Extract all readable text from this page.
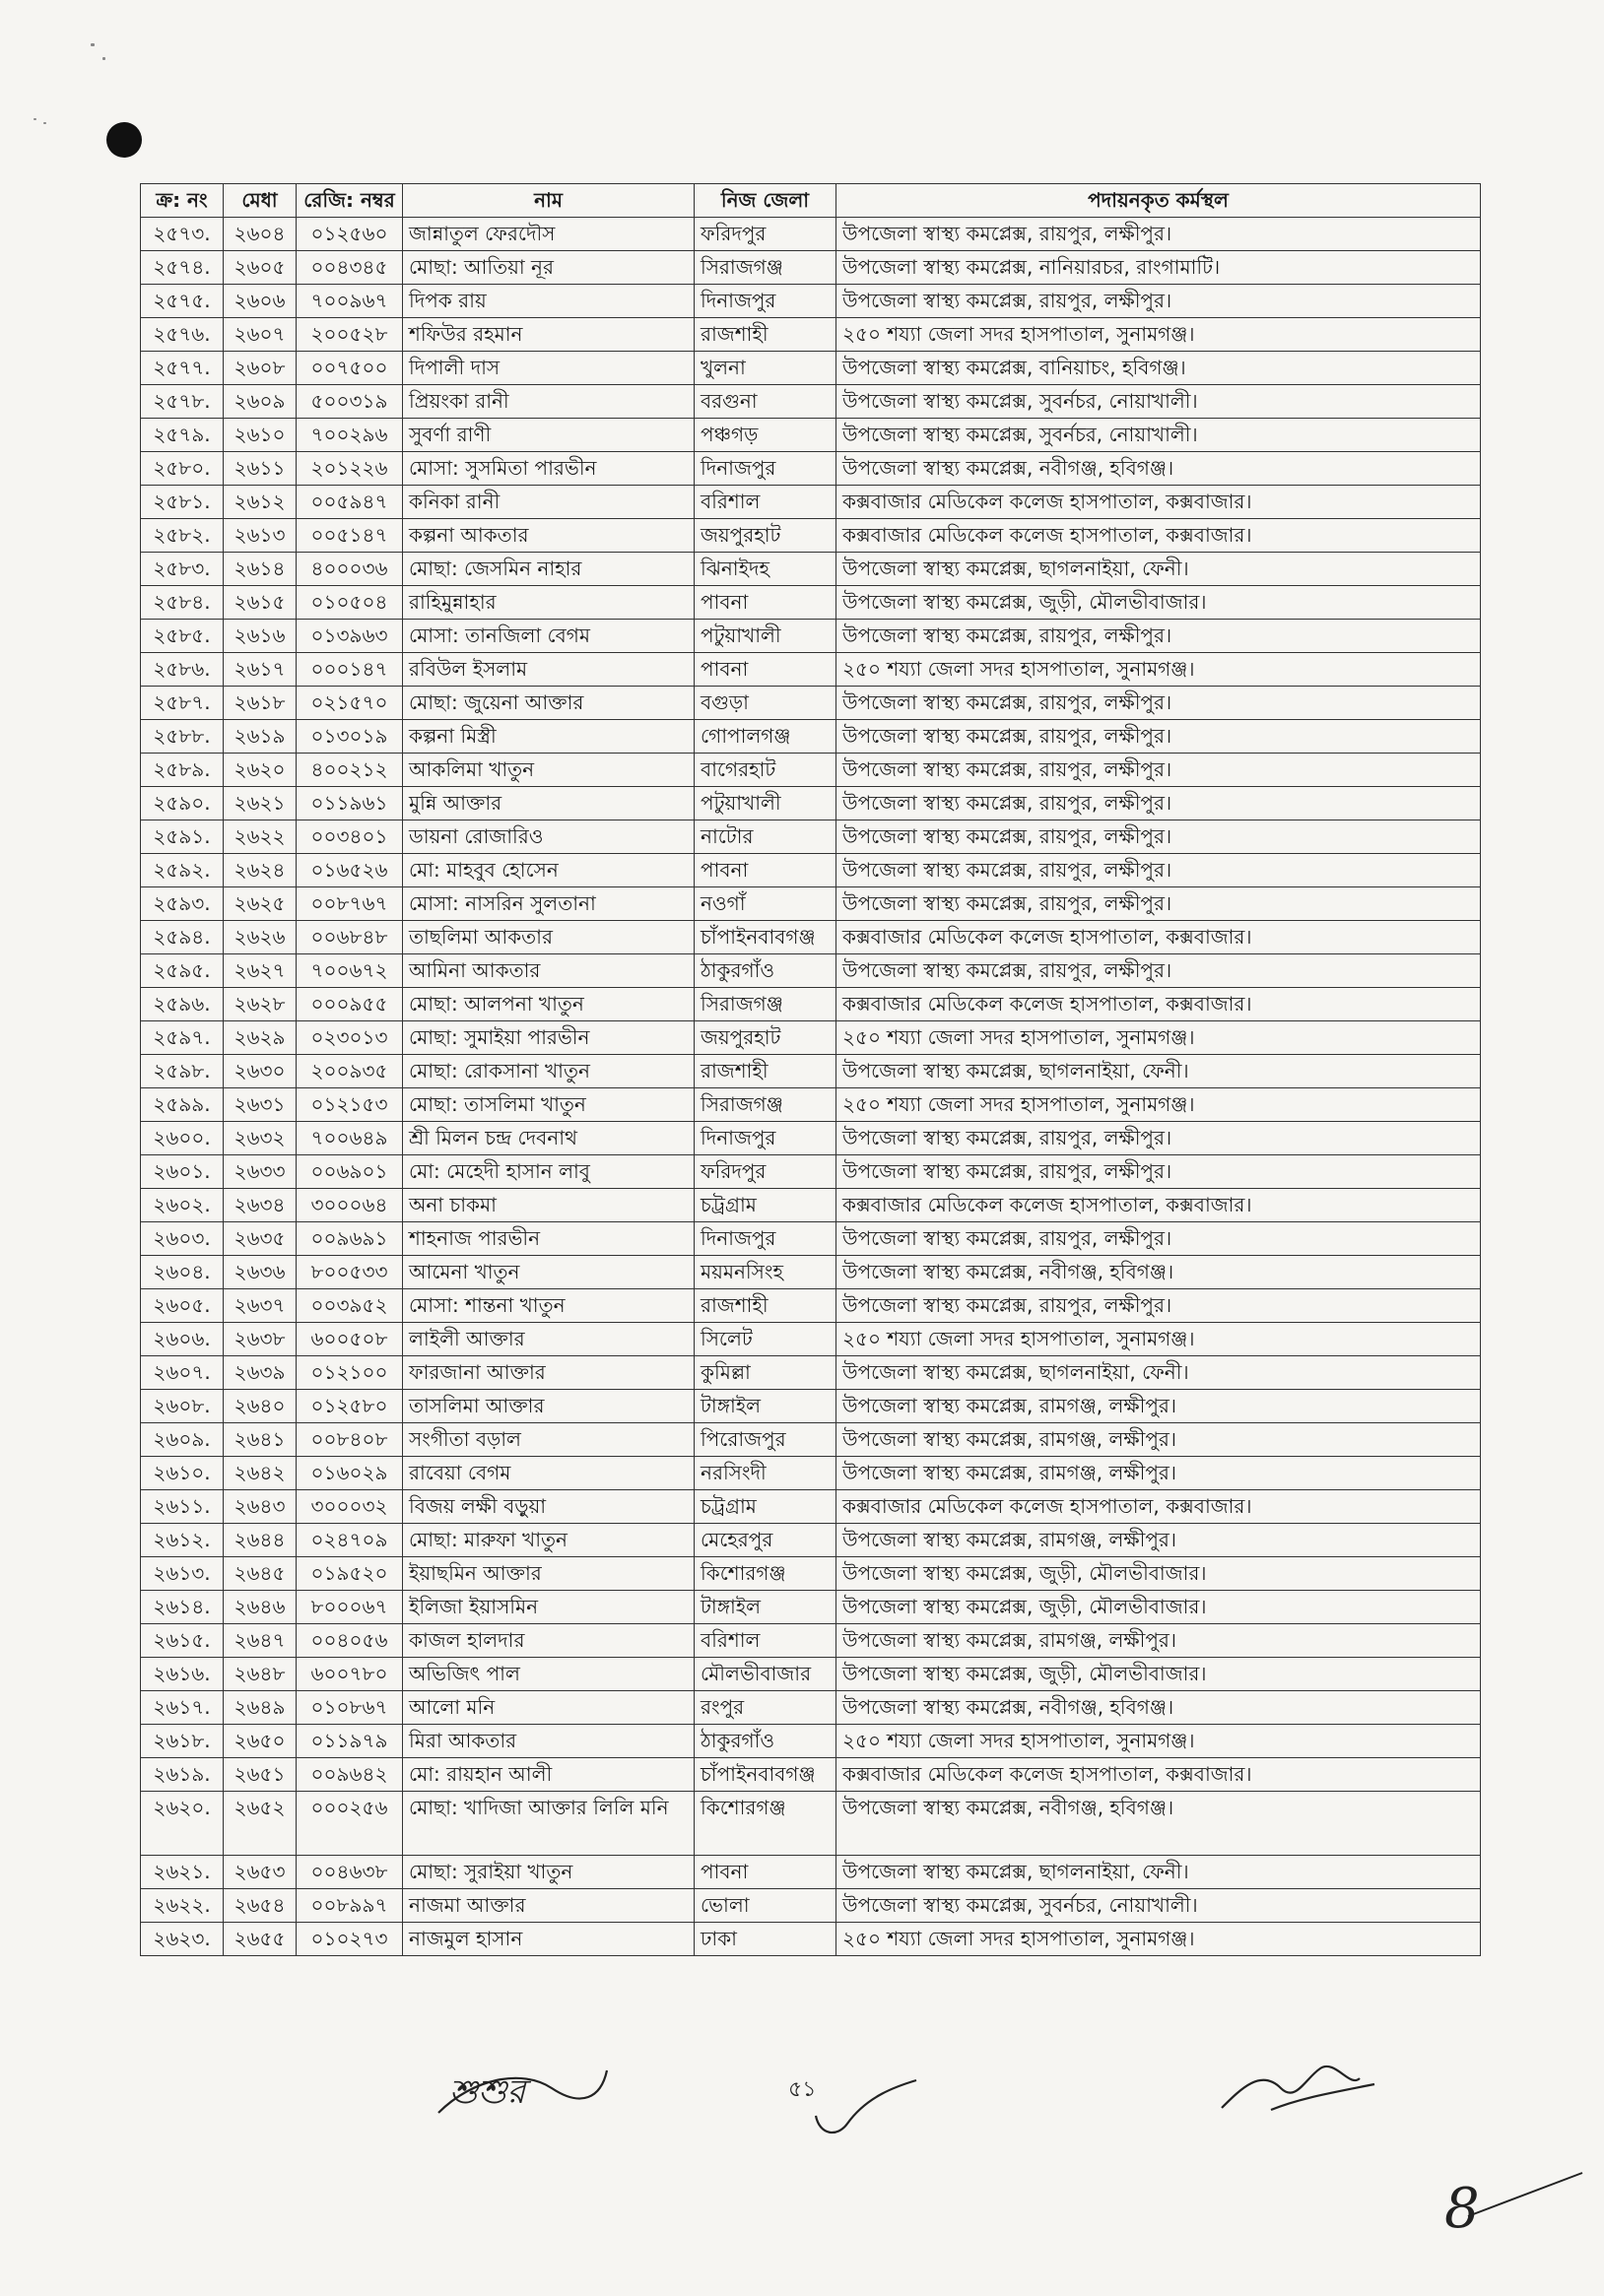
ক্র: নং	মেধা	রেজি: নম্বর	নাম	নিজ জেলা	পদায়নকৃত কর্মস্থল
২৫৭৩.	২৬০৪	০১২৫৬০	জান্নাতুল ফেরদৌস	ফরিদপুর	উপজেলা স্বাস্থ্য কমপ্লেক্স, রায়পুর, লক্ষীপুর।
২৫৭৪.	২৬০৫	০০৪৩৪৫	মোছা: আতিয়া নূর	সিরাজগঞ্জ	উপজেলা স্বাস্থ্য কমপ্লেক্স, নানিয়ারচর, রাংগামাটি।
২৫৭৫.	২৬০৬	৭০০৯৬৭	দিপক রায়	দিনাজপুর	উপজেলা স্বাস্থ্য কমপ্লেক্স, রায়পুর, লক্ষীপুর।
২৫৭৬.	২৬০৭	২০০৫২৮	শফিউর রহমান	রাজশাহী	২৫০ শয্যা জেলা সদর হাসপাতাল, সুনামগঞ্জ।
২৫৭৭.	২৬০৮	০০৭৫০০	দিপালী দাস	খুলনা	উপজেলা স্বাস্থ্য কমপ্লেক্স, বানিয়াচং, হবিগঞ্জ।
২৫৭৮.	২৬০৯	৫০০৩১৯	প্রিয়ংকা রানী	বরগুনা	উপজেলা স্বাস্থ্য কমপ্লেক্স, সুবর্নচর, নোয়াখালী।
২৫৭৯.	২৬১০	৭০০২৯৬	সুবর্ণা রাণী	পঞ্চগড়	উপজেলা স্বাস্থ্য কমপ্লেক্স, সুবর্নচর, নোয়াখালী।
২৫৮০.	২৬১১	২০১২২৬	মোসা: সুসমিতা পারভীন	দিনাজপুর	উপজেলা স্বাস্থ্য কমপ্লেক্স, নবীগঞ্জ, হবিগঞ্জ।
২৫৮১.	২৬১২	০০৫৯৪৭	কনিকা রানী	বরিশাল	কক্সবাজার মেডিকেল কলেজ হাসপাতাল, কক্সবাজার।
২৫৮২.	২৬১৩	০০৫১৪৭	কল্পনা আকতার	জয়পুরহাট	কক্সবাজার মেডিকেল কলেজ হাসপাতাল, কক্সবাজার।
২৫৮৩.	২৬১৪	৪০০০৩৬	মোছা: জেসমিন নাহার	ঝিনাইদহ	উপজেলা স্বাস্থ্য কমপ্লেক্স, ছাগলনাইয়া, ফেনী।
২৫৮৪.	২৬১৫	০১০৫০৪	রাহিমুন্নাহার	পাবনা	উপজেলা স্বাস্থ্য কমপ্লেক্স, জুড়ী, মৌলভীবাজার।
২৫৮৫.	২৬১৬	০১৩৯৬৩	মোসা: তানজিলা বেগম	পটুয়াখালী	উপজেলা স্বাস্থ্য কমপ্লেক্স, রায়পুর, লক্ষীপুর।
২৫৮৬.	২৬১৭	০০০১৪৭	রবিউল ইসলাম	পাবনা	২৫০ শয্যা জেলা সদর হাসপাতাল, সুনামগঞ্জ।
২৫৮৭.	২৬১৮	০২১৫৭০	মোছা: জুয়েনা আক্তার	বগুড়া	উপজেলা স্বাস্থ্য কমপ্লেক্স, রায়পুর, লক্ষীপুর।
২৫৮৮.	২৬১৯	০১৩০১৯	কল্পনা মিস্ত্রী	গোপালগঞ্জ	উপজেলা স্বাস্থ্য কমপ্লেক্স, রায়পুর, লক্ষীপুর।
২৫৮৯.	২৬২০	৪০০২১২	আকলিমা খাতুন	বাগেরহাট	উপজেলা স্বাস্থ্য কমপ্লেক্স, রায়পুর, লক্ষীপুর।
২৫৯০.	২৬২১	০১১৯৬১	মুন্নি আক্তার	পটুয়াখালী	উপজেলা স্বাস্থ্য কমপ্লেক্স, রায়পুর, লক্ষীপুর।
২৫৯১.	২৬২২	০০৩৪০১	ডায়না রোজারিও	নাটোর	উপজেলা স্বাস্থ্য কমপ্লেক্স, রায়পুর, লক্ষীপুর।
২৫৯২.	২৬২৪	০১৬৫২৬	মো: মাহবুব হোসেন	পাবনা	উপজেলা স্বাস্থ্য কমপ্লেক্স, রায়পুর, লক্ষীপুর।
২৫৯৩.	২৬২৫	০০৮৭৬৭	মোসা: নাসরিন সুলতানা	নওগাঁ	উপজেলা স্বাস্থ্য কমপ্লেক্স, রায়পুর, লক্ষীপুর।
২৫৯৪.	২৬২৬	০০৬৮৪৮	তাছলিমা আকতার	চাঁপাইনবাবগঞ্জ	কক্সবাজার মেডিকেল কলেজ হাসপাতাল, কক্সবাজার।
২৫৯৫.	২৬২৭	৭০০৬৭২	আমিনা আকতার	ঠাকুরগাঁও	উপজেলা স্বাস্থ্য কমপ্লেক্স, রায়পুর, লক্ষীপুর।
২৫৯৬.	২৬২৮	০০০৯৫৫	মোছা: আলপনা খাতুন	সিরাজগঞ্জ	কক্সবাজার মেডিকেল কলেজ হাসপাতাল, কক্সবাজার।
২৫৯৭.	২৬২৯	০২৩০১৩	মোছা: সুমাইয়া পারভীন	জয়পুরহাট	২৫০ শয্যা জেলা সদর হাসপাতাল, সুনামগঞ্জ।
২৫৯৮.	২৬৩০	২০০৯৩৫	মোছা: রোকসানা খাতুন	রাজশাহী	উপজেলা স্বাস্থ্য কমপ্লেক্স, ছাগলনাইয়া, ফেনী।
২৫৯৯.	২৬৩১	০১২১৫৩	মোছা: তাসলিমা খাতুন	সিরাজগঞ্জ	২৫০ শয্যা জেলা সদর হাসপাতাল, সুনামগঞ্জ।
২৬০০.	২৬৩২	৭০০৬৪৯	শ্রী মিলন চন্দ্র দেবনাথ	দিনাজপুর	উপজেলা স্বাস্থ্য কমপ্লেক্স, রায়পুর, লক্ষীপুর।
২৬০১.	২৬৩৩	০০৬৯০১	মো: মেহেদী হাসান লাবু	ফরিদপুর	উপজেলা স্বাস্থ্য কমপ্লেক্স, রায়পুর, লক্ষীপুর।
২৬০২.	২৬৩৪	৩০০০৬৪	অনা চাকমা	চট্রগ্রাম	কক্সবাজার মেডিকেল কলেজ হাসপাতাল, কক্সবাজার।
২৬০৩.	২৬৩৫	০০৯৬৯১	শাহনাজ পারভীন	দিনাজপুর	উপজেলা স্বাস্থ্য কমপ্লেক্স, রায়পুর, লক্ষীপুর।
২৬০৪.	২৬৩৬	৮০০৫৩৩	আমেনা খাতুন	ময়মনসিংহ	উপজেলা স্বাস্থ্য কমপ্লেক্স, নবীগঞ্জ, হবিগঞ্জ।
২৬০৫.	২৬৩৭	০০৩৯৫২	মোসা: শান্তনা খাতুন	রাজশাহী	উপজেলা স্বাস্থ্য কমপ্লেক্স, রায়পুর, লক্ষীপুর।
২৬০৬.	২৬৩৮	৬০০৫০৮	লাইলী আক্তার	সিলেট	২৫০ শয্যা জেলা সদর হাসপাতাল, সুনামগঞ্জ।
২৬০৭.	২৬৩৯	০১২১০০	ফারজানা আক্তার	কুমিল্লা	উপজেলা স্বাস্থ্য কমপ্লেক্স, ছাগলনাইয়া, ফেনী।
২৬০৮.	২৬৪০	০১২৫৮০	তাসলিমা আক্তার	টাঙ্গাইল	উপজেলা স্বাস্থ্য কমপ্লেক্স, রামগঞ্জ, লক্ষীপুর।
২৬০৯.	২৬৪১	০০৮৪০৮	সংগীতা বড়াল	পিরোজপুর	উপজেলা স্বাস্থ্য কমপ্লেক্স, রামগঞ্জ, লক্ষীপুর।
২৬১০.	২৬৪২	০১৬০২৯	রাবেয়া বেগম	নরসিংদী	উপজেলা স্বাস্থ্য কমপ্লেক্স, রামগঞ্জ, লক্ষীপুর।
২৬১১.	২৬৪৩	৩০০০৩২	বিজয় লক্ষী বড়ুয়া	চট্রগ্রাম	কক্সবাজার মেডিকেল কলেজ হাসপাতাল, কক্সবাজার।
২৬১২.	২৬৪৪	০২৪৭০৯	মোছা: মারুফা খাতুন	মেহেরপুর	উপজেলা স্বাস্থ্য কমপ্লেক্স, রামগঞ্জ, লক্ষীপুর।
২৬১৩.	২৬৪৫	০১৯৫২০	ইয়াছমিন আক্তার	কিশোরগঞ্জ	উপজেলা স্বাস্থ্য কমপ্লেক্স, জুড়ী, মৌলভীবাজার।
২৬১৪.	২৬৪৬	৮০০০৬৭	ইলিজা ইয়াসমিন	টাঙ্গাইল	উপজেলা স্বাস্থ্য কমপ্লেক্স, জুড়ী, মৌলভীবাজার।
২৬১৫.	২৬৪৭	০০৪০৫৬	কাজল হালদার	বরিশাল	উপজেলা স্বাস্থ্য কমপ্লেক্স, রামগঞ্জ, লক্ষীপুর।
২৬১৬.	২৬৪৮	৬০০৭৮০	অভিজিৎ পাল	মৌলভীবাজার	উপজেলা স্বাস্থ্য কমপ্লেক্স, জুড়ী, মৌলভীবাজার।
২৬১৭.	২৬৪৯	০১০৮৬৭	আলো মনি	রংপুর	উপজেলা স্বাস্থ্য কমপ্লেক্স, নবীগঞ্জ, হবিগঞ্জ।
২৬১৮.	২৬৫০	০১১৯৭৯	মিরা আকতার	ঠাকুরগাঁও	২৫০ শয্যা জেলা সদর হাসপাতাল, সুনামগঞ্জ।
২৬১৯.	২৬৫১	০০৯৬৪২	মো: রায়হান আলী	চাঁপাইনবাবগঞ্জ	কক্সবাজার মেডিকেল কলেজ হাসপাতাল, কক্সবাজার।
২৬২০.	২৬৫২	০০০২৫৬	মোছা: খাদিজা আক্তার লিলি মনি	কিশোরগঞ্জ	উপজেলা স্বাস্থ্য কমপ্লেক্স, নবীগঞ্জ, হবিগঞ্জ।
২৬২১.	২৬৫৩	০০৪৬৩৮	মোছা: সুরাইয়া খাতুন	পাবনা	উপজেলা স্বাস্থ্য কমপ্লেক্স, ছাগলনাইয়া, ফেনী।
২৬২২.	২৬৫৪	০০৮৯৯৭	নাজমা আক্তার	ভোলা	উপজেলা স্বাস্থ্য কমপ্লেক্স, সুবর্নচর, নোয়াখালী।
২৬২৩.	২৬৫৫	০১০২৭৩	নাজমুল হাসান	ঢাকা	২৫০ শয্যা জেলা সদর হাসপাতাল, সুনামগঞ্জ।
শুশুর	৫১
8
